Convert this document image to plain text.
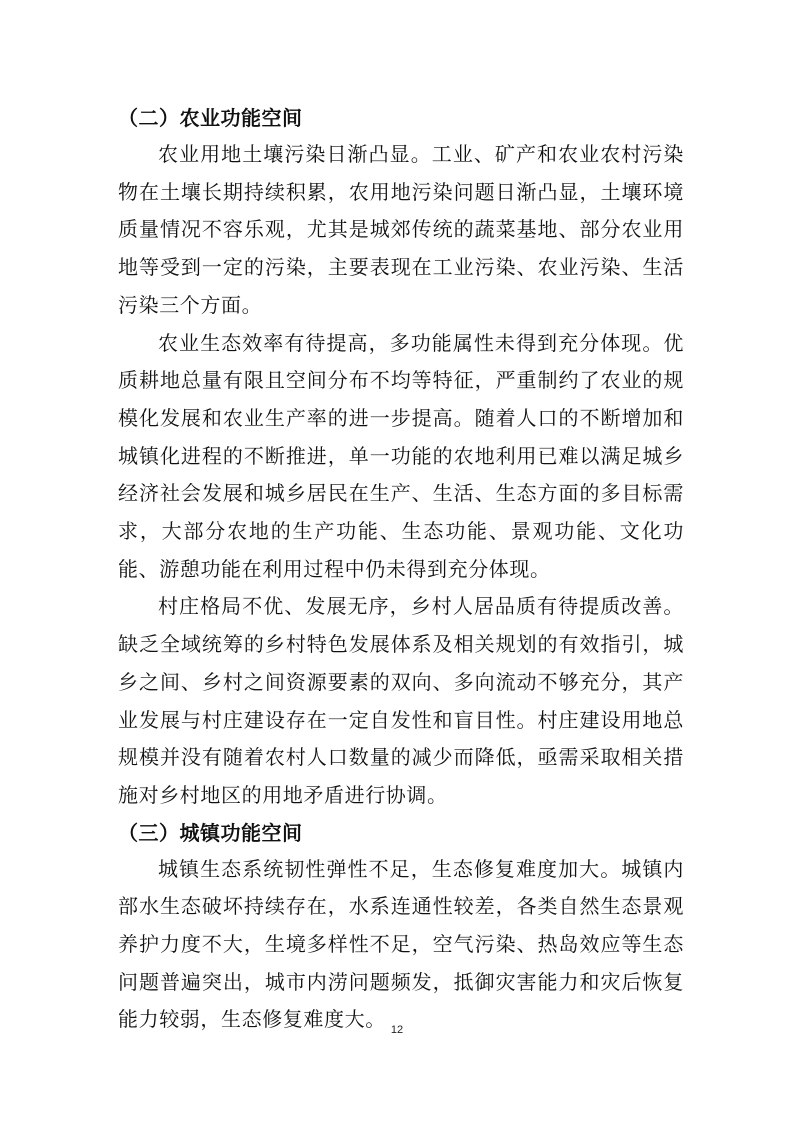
（二）农业功能空间

农业用地土壤污染日渐凸显。工业、矿产和农业农村污染物在土壤长期持续积累，农用地污染问题日渐凸显，土壤环境质量情况不容乐观，尤其是城郊传统的蔬菜基地、部分农业用地等受到一定的污染，主要表现在工业污染、农业污染、生活污染三个方面。

农业生态效率有待提高，多功能属性未得到充分体现。优质耕地总量有限且空间分布不均等特征，严重制约了农业的规模化发展和农业生产率的进一步提高。随着人口的不断增加和城镇化进程的不断推进，单一功能的农地利用已难以满足城乡经济社会发展和城乡居民在生产、生活、生态方面的多目标需求，大部分农地的生产功能、生态功能、景观功能、文化功能、游憩功能在利用过程中仍未得到充分体现。

村庄格局不优、发展无序，乡村人居品质有待提质改善。缺乏全域统筹的乡村特色发展体系及相关规划的有效指引，城乡之间、乡村之间资源要素的双向、多向流动不够充分，其产业发展与村庄建设存在一定自发性和盲目性。村庄建设用地总规模并没有随着农村人口数量的减少而降低，亟需采取相关措施对乡村地区的用地矛盾进行协调。

（三）城镇功能空间

城镇生态系统韧性弹性不足，生态修复难度加大。城镇内部水生态破坏持续存在，水系连通性较差，各类自然生态景观养护力度不大，生境多样性不足，空气污染、热岛效应等生态问题普遍突出，城市内涝问题频发，抵御灾害能力和灾后恢复能力较弱，生态修复难度大。 12
